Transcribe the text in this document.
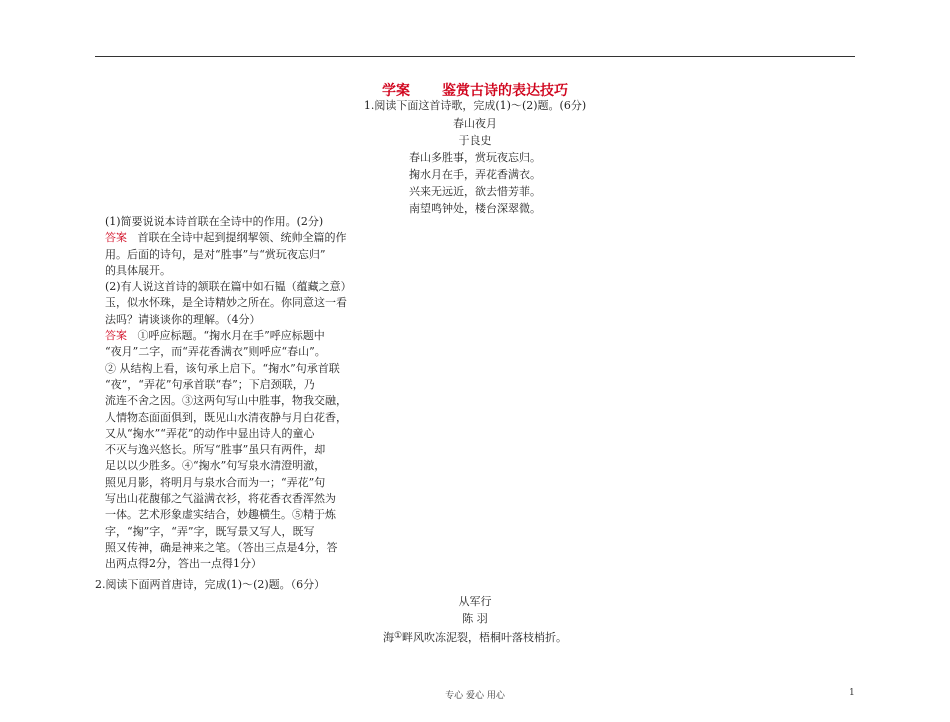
学案 鉴赏古诗的表达技巧
1.阅读下面这首诗歌，完成(1)～(2)题。(6分)
春山夜月
于良史
春山多胜事，赏玩夜忘归。
掬水月在手，弄花香满衣。
兴来无远近，欲去惜芳菲。
南望鸣钟处，楼台深翠微。
(1)简要说说本诗首联在全诗中的作用。(2分)
答案 首联在全诗中起到提纲挈领、统帅全篇的作
用。后面的诗句，是对“胜事”与“赏玩夜忘归”
的具体展开。
(2)有人说这首诗的颔联在篇中如石韫（蕴藏之意）
玉，似水怀珠，是全诗精妙之所在。你同意这一看
法吗？请谈谈你的理解。（4分）
答案 ①呼应标题。“掬水月在手”呼应标题中
“夜月”二字，而“弄花香满衣”则呼应“春山”。
② 从结构上看，该句承上启下。“掬水”句承首联
“夜”，“弄花”句承首联“春”；下启颈联，乃
流连不舍之因。③这两句写山中胜事，物我交融，
人情物态面面俱到，既见山水清夜静与月白花香，
又从“掬水”“弄花”的动作中显出诗人的童心
不灭与逸兴悠长。所写“胜事”虽只有两件，却
足以以少胜多。④“掬水”句写泉水清澄明澈，
照见月影，将明月与泉水合而为一；“弄花”句
写出山花馥郁之气溢满衣衫，将花香衣香浑然为
一体。艺术形象虚实结合，妙趣横生。⑤精于炼
字，“掬”字，“弄”字，既写景又写人，既写
照又传神，确是神来之笔。（答出三点是4分，答
出两点得2分，答出一点得1分）
2.阅读下面两首唐诗，完成(1)～(2)题。（6分）
从军行
陈 羽
海①畔风吹冻泥裂，梧桐叶落枝梢折。
专心 爱心 用心	1
